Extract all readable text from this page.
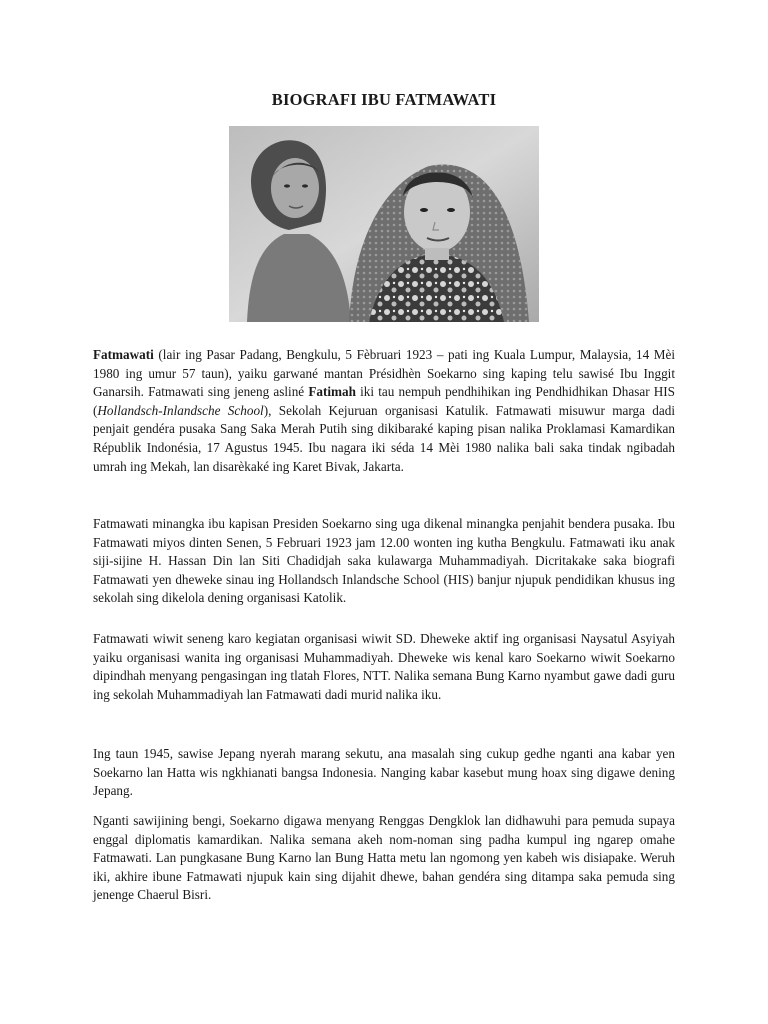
BIOGRAFI IBU FATMAWATI

Fatmawati (lair ing Pasar Padang, Bengkulu, 5 Fèbruari 1923 – pati ing Kuala Lumpur, Malaysia, 14 Mèi 1980 ing umur 57 taun), yaiku garwané mantan Présidhèn Soekarno sing kaping telu sawisé Ibu Inggit Ganarsih. Fatmawati sing jeneng asliné Fatimah iki tau nempuh pendhihikan ing Pendhidhikan Dhasar HIS (Hollandsch-Inlandsche School), Sekolah Kejuruan organisasi Katulik. Fatmawati misuwur marga dadi penjait gendéra pusaka Sang Saka Merah Putih sing dikibaraké kaping pisan nalika Proklamasi Kamardikan Républik Indonésia, 17 Agustus 1945. Ibu nagara iki séda 14 Mèi 1980 nalika bali saka tindak ngibadah umrah ing Mekah, lan disarèkaké ing Karet Bivak, Jakarta.

Fatmawati minangka ibu kapisan Presiden Soekarno sing uga dikenal minangka penjahit bendera pusaka. Ibu Fatmawati miyos dinten Senen, 5 Februari 1923 jam 12.00 wonten ing kutha Bengkulu. Fatmawati iku anak siji-sijine H. Hassan Din lan Siti Chadidjah saka kulawarga Muhammadiyah. Dicritakake saka biografi Fatmawati yen dheweke sinau ing Hollandsch Inlandsche School (HIS) banjur njupuk pendidikan khusus ing sekolah sing dikelola dening organisasi Katolik.

Fatmawati wiwit seneng karo kegiatan organisasi wiwit SD. Dheweke aktif ing organisasi Naysatul Asyiyah yaiku organisasi wanita ing organisasi Muhammadiyah. Dheweke wis kenal karo Soekarno wiwit Soekarno dipindhah menyang pengasingan ing tlatah Flores, NTT. Nalika semana Bung Karno nyambut gawe dadi guru ing sekolah Muhammadiyah lan Fatmawati dadi murid nalika iku.

Ing taun 1945, sawise Jepang nyerah marang sekutu, ana masalah sing cukup gedhe nganti ana kabar yen Soekarno lan Hatta wis ngkhianati bangsa Indonesia. Nanging kabar kasebut mung hoax sing digawe dening Jepang.

Nganti sawijining bengi, Soekarno digawa menyang Renggas Dengklok lan didhawuhi para pemuda supaya enggal diplomatis kamardikan. Nalika semana akeh nom-noman sing padha kumpul ing ngarep omahe Fatmawati. Lan pungkasane Bung Karno lan Bung Hatta metu lan ngomong yen kabeh wis disiapake. Weruh iki, akhire ibune Fatmawati njupuk kain sing dijahit dhewe, bahan gendéra sing ditampa saka pemuda sing jenenge Chaerul Bisri.
